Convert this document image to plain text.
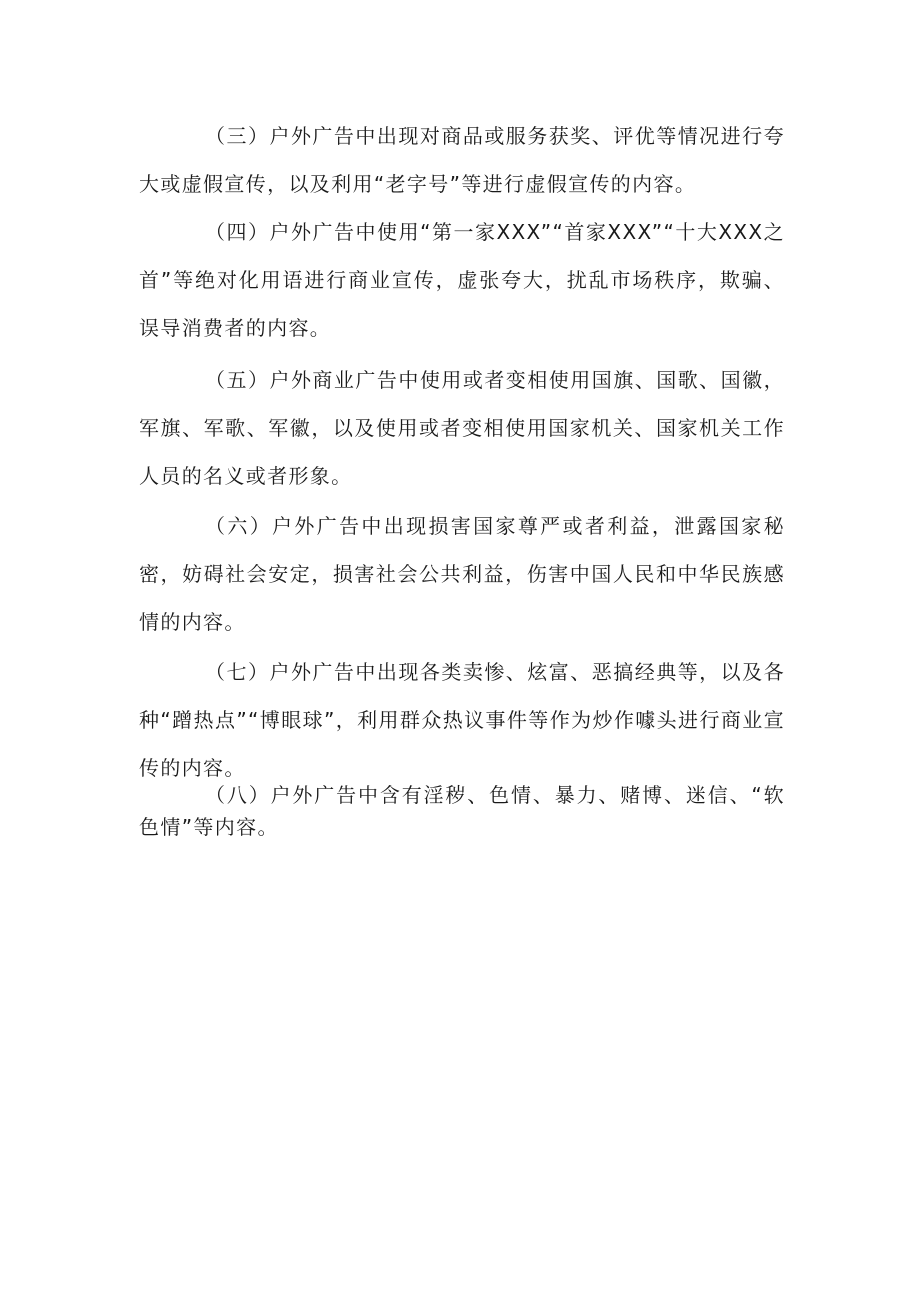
（三）户外广告中出现对商品或服务获奖、评优等情况进行夸大或虚假宣传，以及利用“老字号”等进行虚假宣传的内容。

（四）户外广告中使用“第一家XXX”“首家XXX”“十大XXX之首”等绝对化用语进行商业宣传，虚张夸大，扰乱市场秩序，欺骗、误导消费者的内容。

（五）户外商业广告中使用或者变相使用国旗、国歌、国徽，军旗、军歌、军徽，以及使用或者变相使用国家机关、国家机关工作人员的名义或者形象。

（六）户外广告中出现损害国家尊严或者利益，泄露国家秘密，妨碍社会安定，损害社会公共利益，伤害中国人民和中华民族感情的内容。

（七）户外广告中出现各类卖惨、炫富、恶搞经典等，以及各种“蹭热点”“博眼球”，利用群众热议事件等作为炒作噱头进行商业宣传的内容。

（八）户外广告中含有淫秽、色情、暴力、赌博、迷信、“软色情”等内容。
